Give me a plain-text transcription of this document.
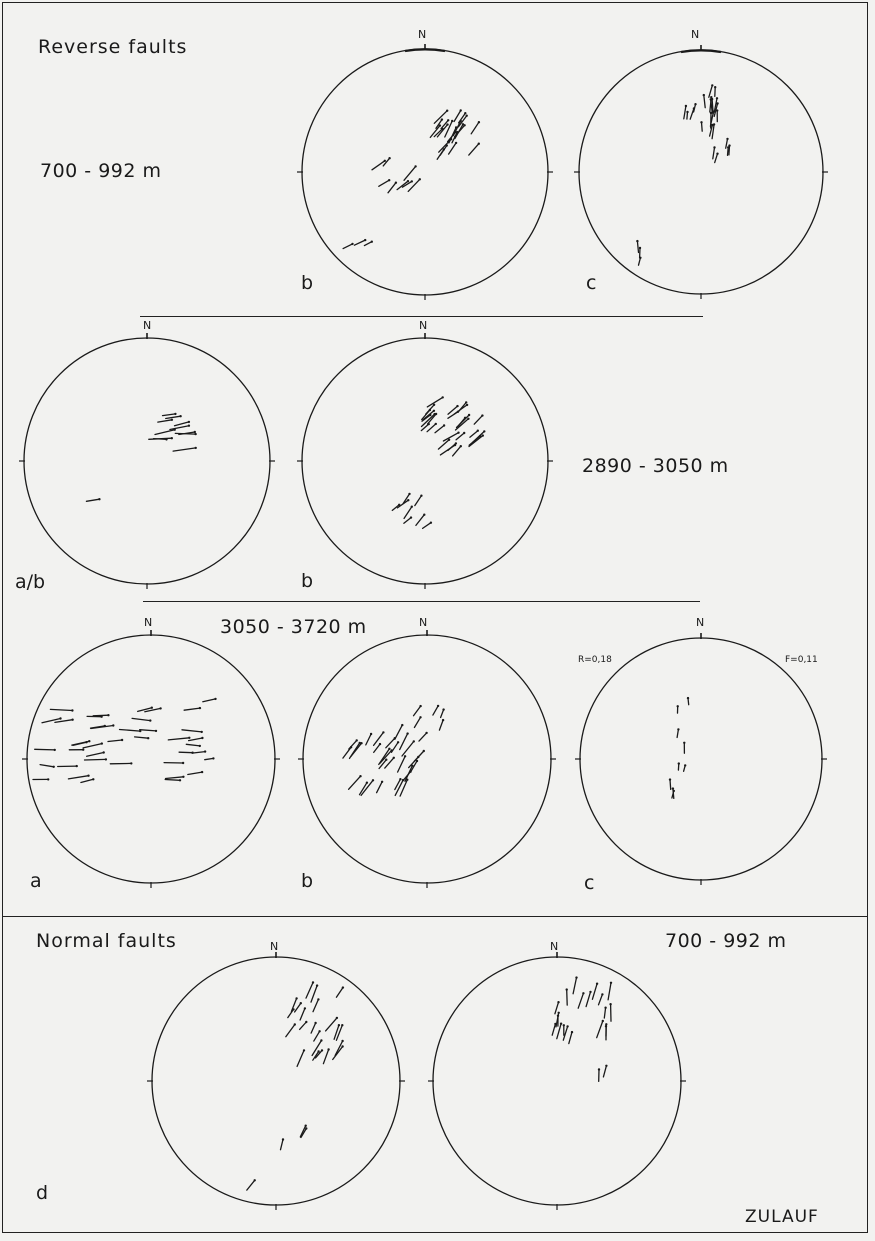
Reverse faults
700 - 992 m
2890 - 3050 m
3050 - 3720 m
Normal faults	700 - 992 m
N	N
N	N
N	N	N
N	N
b	c
a/b	b
a	b	c
d
R=0,18	F=0,11
ZULAUF
